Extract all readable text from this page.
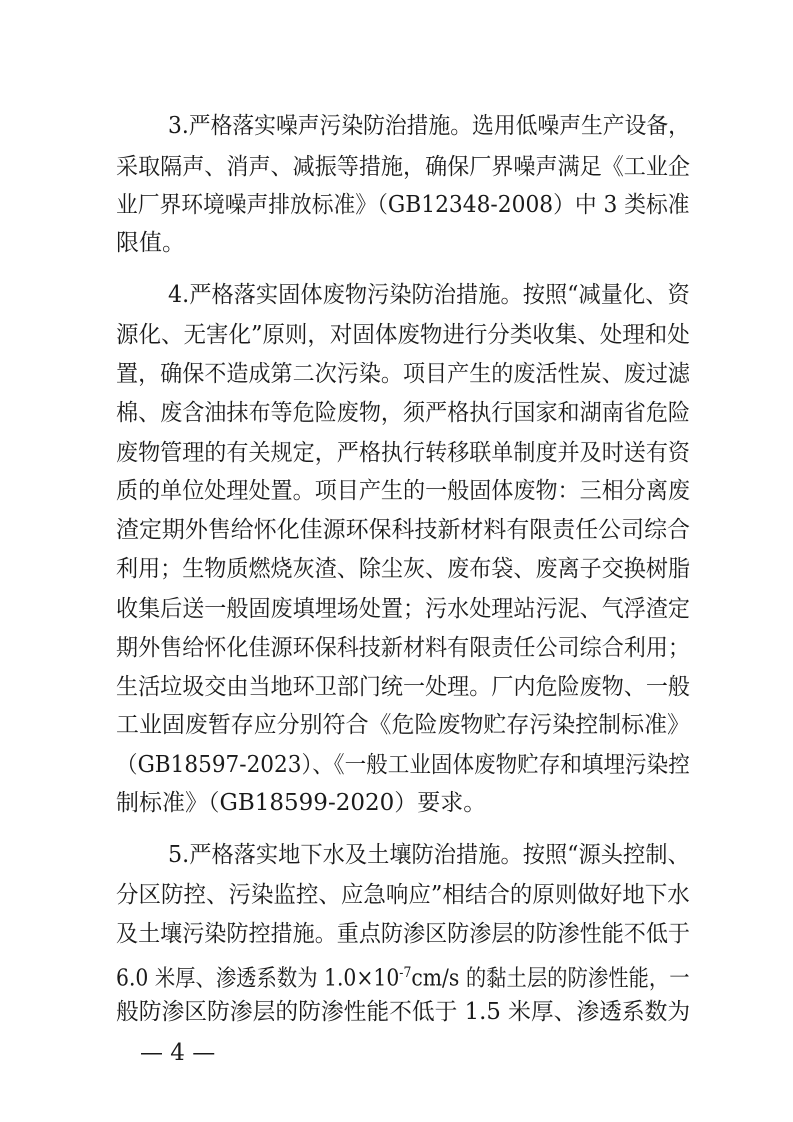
3.严格落实噪声污染防治措施。选用低噪声生产设备，
采取隔声、消声、减振等措施，确保厂界噪声满足《工业企
业厂界环境噪声排放标准》（GB12348-2008）中 3 类标准
限值。
4.严格落实固体废物污染防治措施。按照“减量化、资
源化、无害化”原则，对固体废物进行分类收集、处理和处
置，确保不造成第二次污染。项目产生的废活性炭、废过滤
棉、废含油抹布等危险废物，须严格执行国家和湖南省危险
废物管理的有关规定，严格执行转移联单制度并及时送有资
质的单位处理处置。项目产生的一般固体废物：三相分离废
渣定期外售给怀化佳源环保科技新材料有限责任公司综合
利用；生物质燃烧灰渣、除尘灰、废布袋、废离子交换树脂
收集后送一般固废填埋场处置；污水处理站污泥、气浮渣定
期外售给怀化佳源环保科技新材料有限责任公司综合利用；
生活垃圾交由当地环卫部门统一处理。厂内危险废物、一般
工业固废暂存应分别符合《危险废物贮存污染控制标准》
（GB18597-2023）、《一般工业固体废物贮存和填埋污染控
制标准》（GB18599-2020）要求。
5.严格落实地下水及土壤防治措施。按照“源头控制、
分区防控、污染监控、应急响应”相结合的原则做好地下水
及土壤污染防控措施。重点防渗区防渗层的防渗性能不低于
6.0 米厚、渗透系数为 $1.0\times 10^{-7}cm/s$ 的黏土层的防渗性能，一
般防渗区防渗层的防渗性能不低于 1.5 米厚、渗透系数为
— 4 —
